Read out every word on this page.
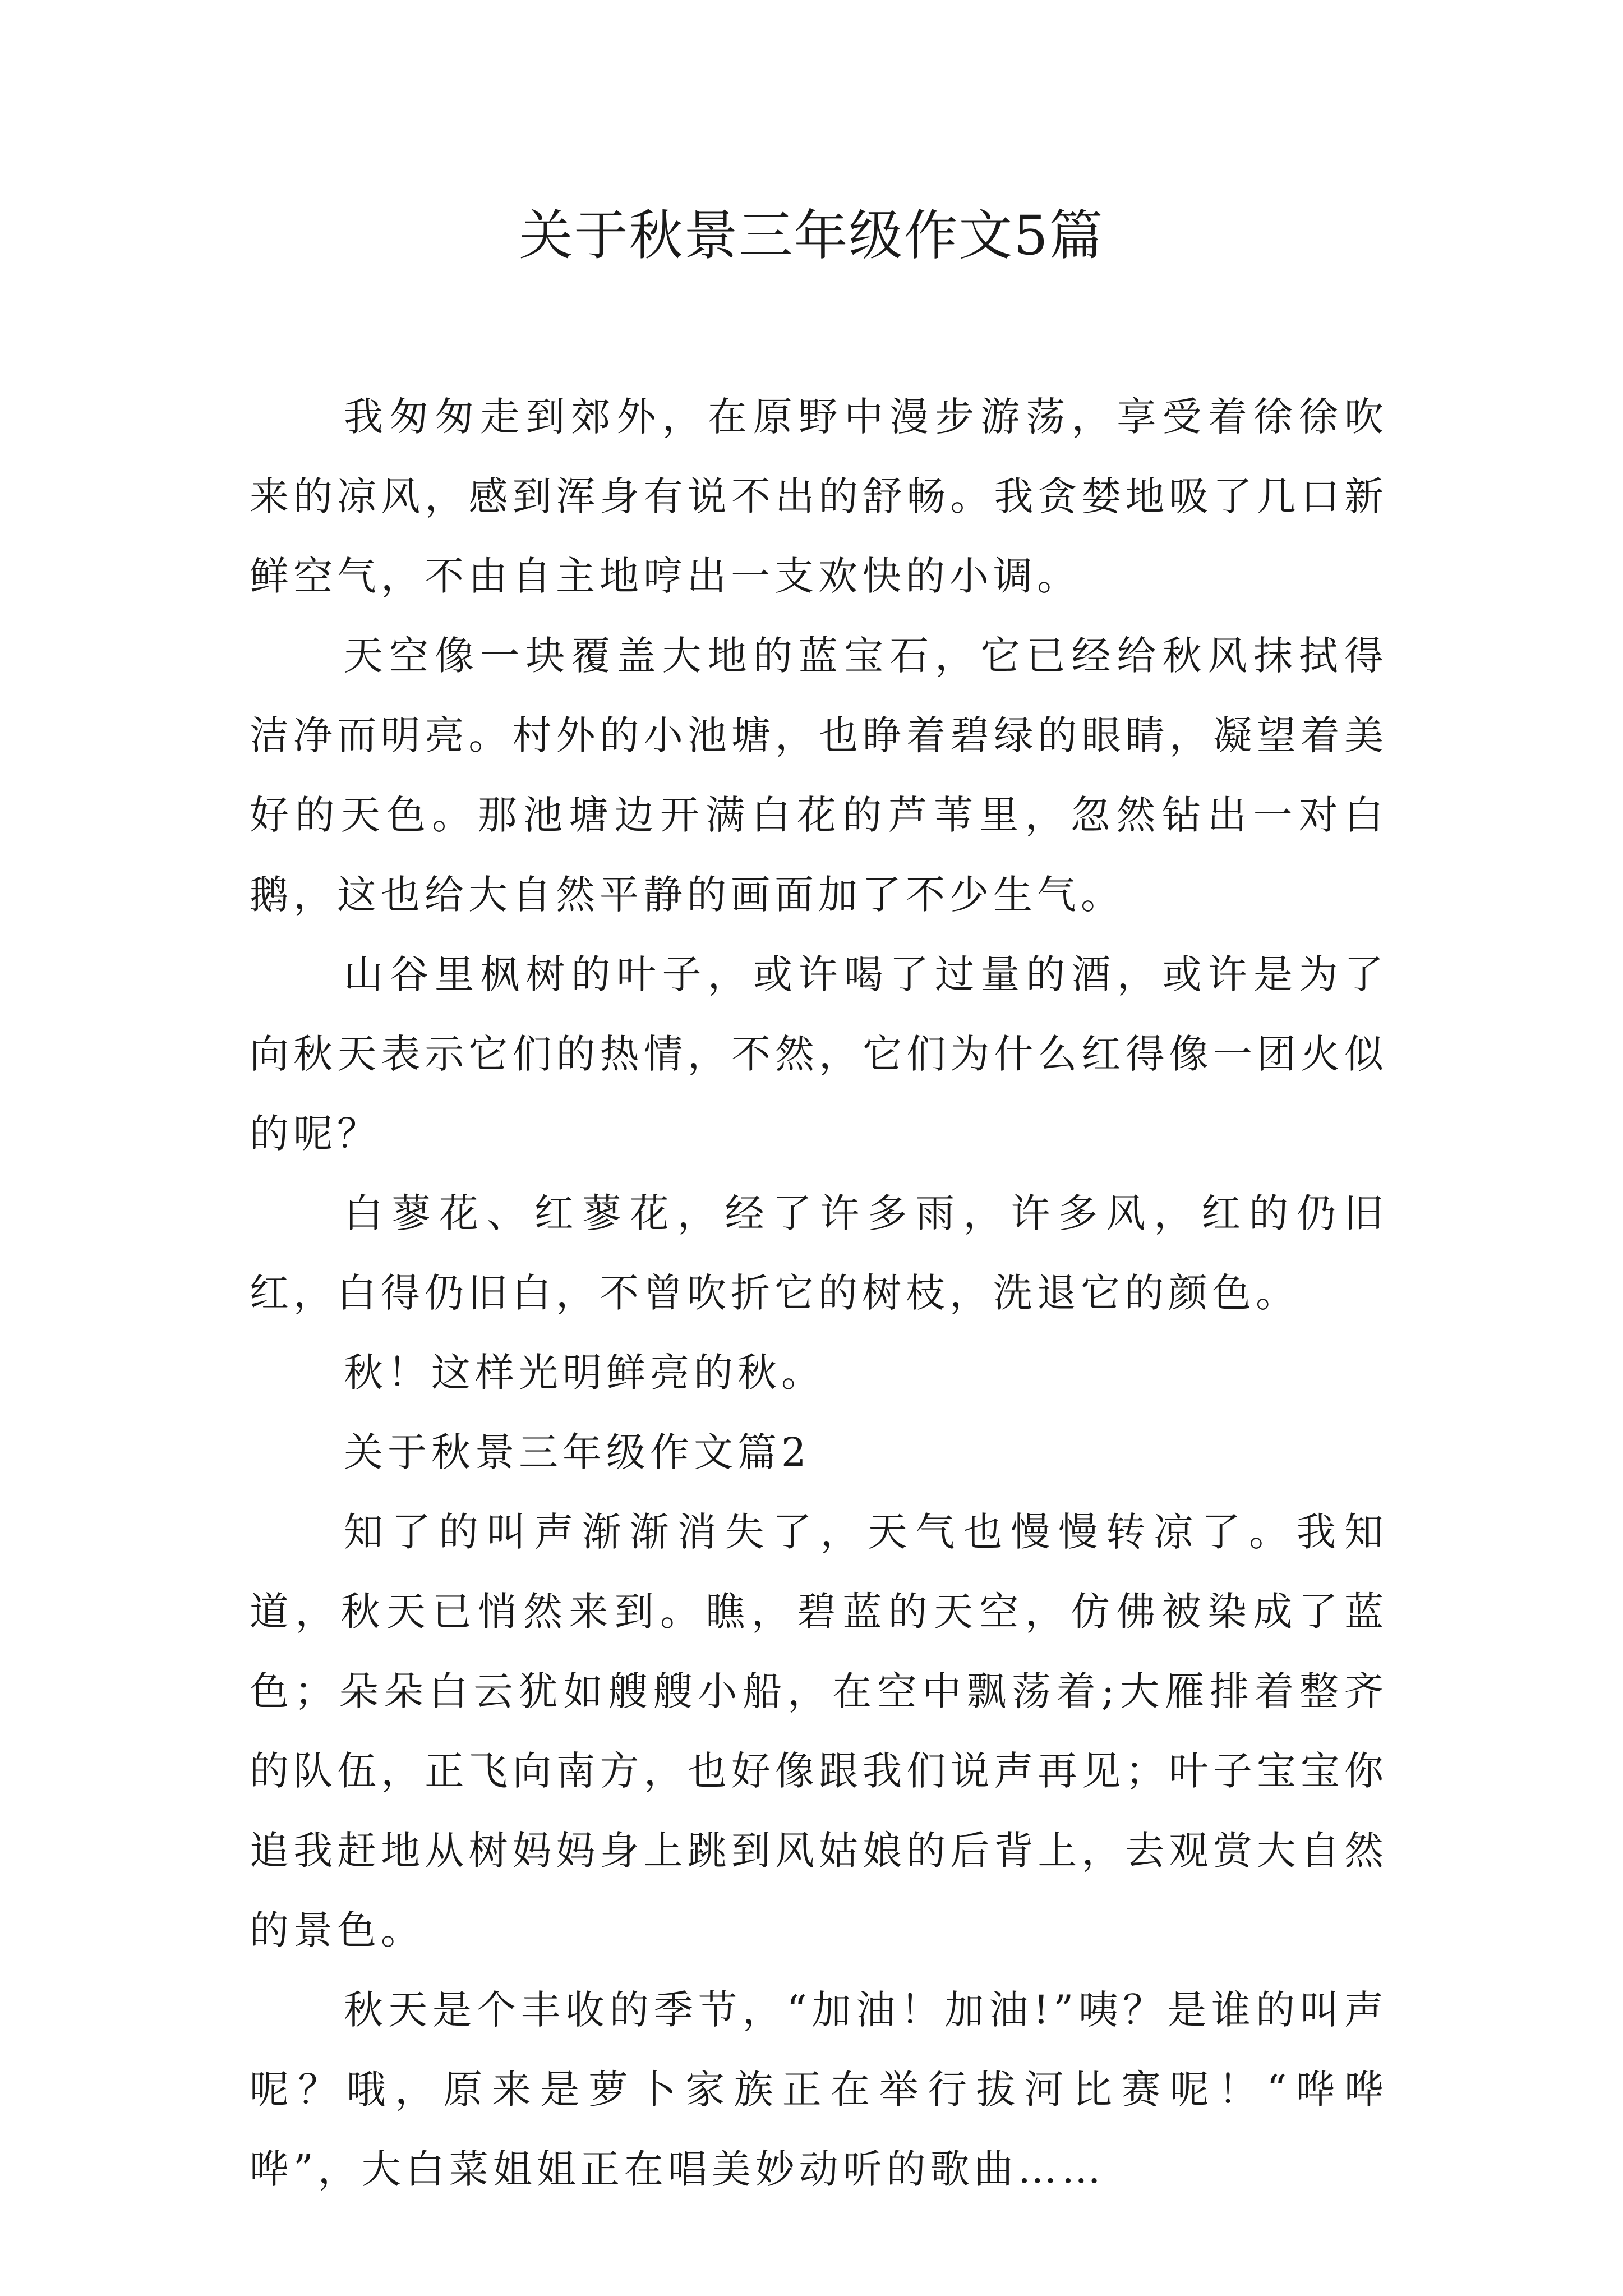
关于秋景三年级作文5篇

我匆匆走到郊外，在原野中漫步游荡，享受着徐徐吹来的凉风，感到浑身有说不出的舒畅。我贪婪地吸了几口新鲜空气，不由自主地哼出一支欢快的小调。

天空像一块覆盖大地的蓝宝石，它已经给秋风抹拭得洁净而明亮。村外的小池塘，也睁着碧绿的眼睛，凝望着美好的天色。那池塘边开满白花的芦苇里，忽然钻出一对白鹅，这也给大自然平静的画面加了不少生气。

山谷里枫树的叶子，或许喝了过量的酒，或许是为了向秋天表示它们的热情，不然，它们为什么红得像一团火似的呢？

白蓼花、红蓼花，经了许多雨，许多风，红的仍旧红，白得仍旧白，不曾吹折它的树枝，洗退它的颜色。

秋！这样光明鲜亮的秋。

关于秋景三年级作文篇2

知了的叫声渐渐消失了，天气也慢慢转凉了。我知道，秋天已悄然来到。瞧，碧蓝的天空，仿佛被染成了蓝色；朵朵白云犹如艘艘小船，在空中飘荡着;大雁排着整齐的队伍，正飞向南方，也好像跟我们说声再见；叶子宝宝你追我赶地从树妈妈身上跳到风姑娘的后背上，去观赏大自然的景色。

秋天是个丰收的季节，“加油！加油!”咦？是谁的叫声呢？哦，原来是萝卜家族正在举行拔河比赛呢！“哗哗哗”，大白菜姐姐正在唱美妙动听的歌曲……
